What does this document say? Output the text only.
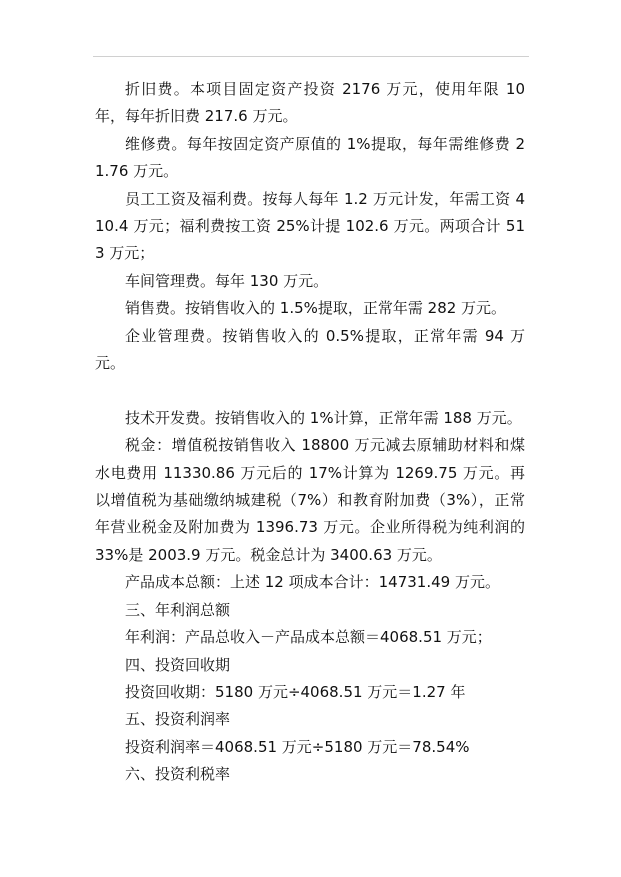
折旧费。本项目固定资产投资 2176 万元，使用年限 10 年，每年折旧费 217.6 万元。

维修费。每年按固定资产原值的 1%提取，每年需维修费 21.76 万元。

员工工资及福利费。按每人每年 1.2 万元计发，年需工资 410.4 万元；福利费按工资 25%计提 102.6 万元。两项合计 513 万元；

车间管理费。每年 130 万元。

销售费。按销售收入的 1.5%提取，正常年需 282 万元。

企业管理费。按销售收入的 0.5%提取，正常年需 94 万元。

技术开发费。按销售收入的 1%计算，正常年需 188 万元。

税金：增值税按销售收入 18800 万元减去原辅助材料和煤水电费用 11330.86 万元后的 17%计算为 1269.75 万元。再以增值税为基础缴纳城建税（7%）和教育附加费（3%），正常年营业税金及附加费为 1396.73 万元。企业所得税为纯利润的 33%是 2003.9 万元。税金总计为 3400.63 万元。

产品成本总额：上述 12 项成本合计：14731.49 万元。

三、年利润总额

年利润：产品总收入－产品成本总额＝4068.51 万元；

四、投资回收期

投资回收期：5180 万元÷4068.51 万元＝1.27 年

五、投资利润率

投资利润率＝4068.51 万元÷5180 万元＝78.54%

六、投资利税率
